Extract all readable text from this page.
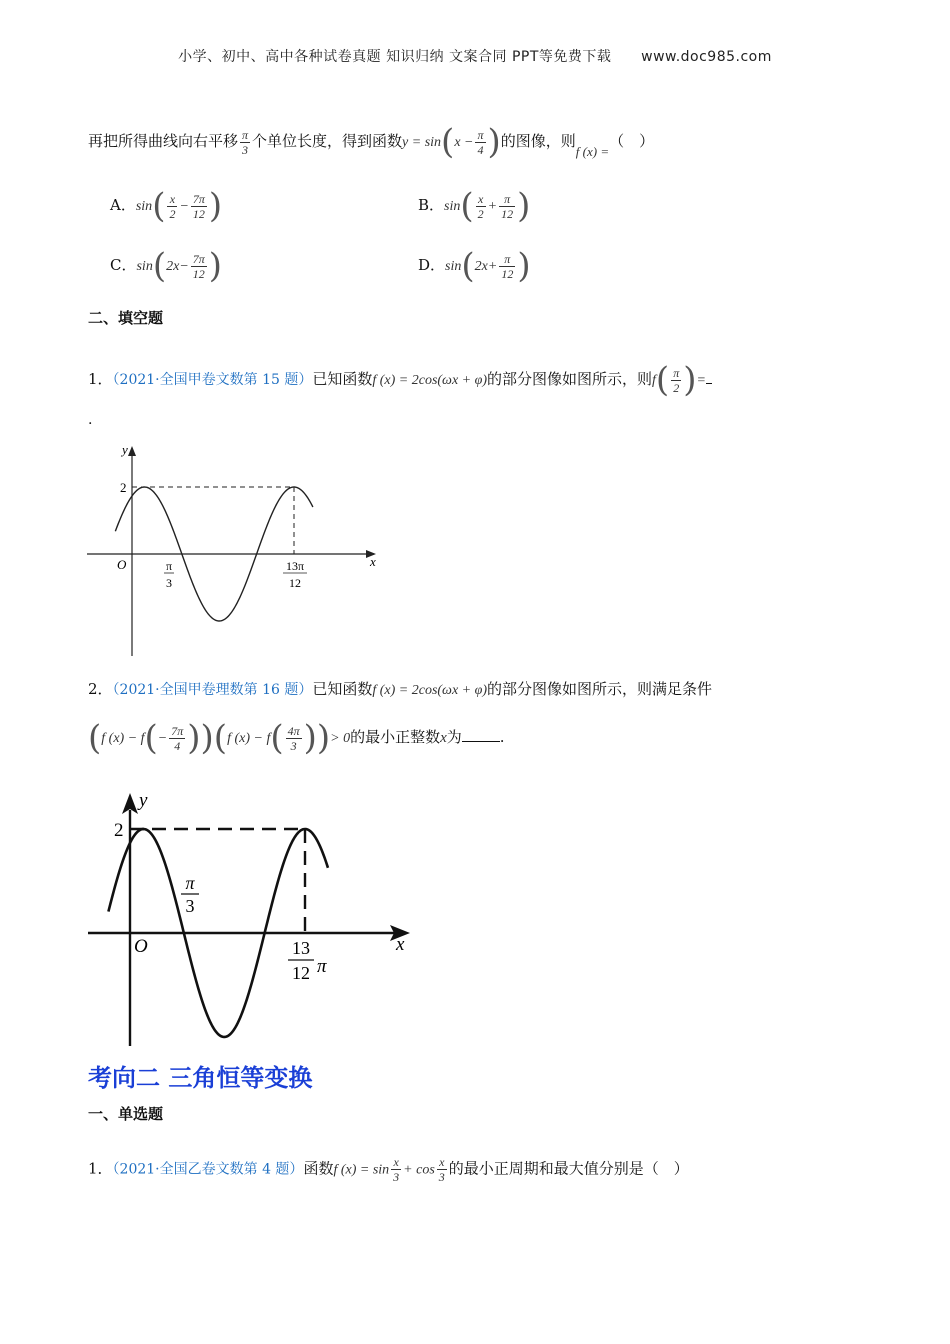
小学、初中、高中各种试卷真题 知识归纳 文案合同 PPT等免费下载 www.doc985.com
再把所得曲线向右平移 $\frac{\pi}{3}$ 个单位长度，得到函数$y = \sin(x - \frac{\pi}{4}$ )的图像，则f (x) =（　）
A．$\sin( \frac{x}{2} - \frac{7\pi}{12}$ )	B．$\sin( \frac{x}{2} + \frac{\pi}{12}$ )
C．$\sin(2x- \frac{7\pi}{12}$ )	D．$\sin(2x+ \frac{\pi}{12}$ )
二、填空题
1．（2021·全国甲卷文数第 15 题）已知函数f (x) = 2cos(ωx + φ)的部分图像如图所示，则$f( \frac{\pi}{2}$ )=
.
y
x
O
2
π
3
13π
12
2．（2021·全国甲卷理数第 16 题）已知函数f (x) = 2cos(ωx + φ)的部分图像如图所示，则满足条件
(f $(x) - f(- \frac{7\pi}{4} ))(f$ $(x) - f( \frac{4\pi}{3}$ ))> 0的最小正整数x为	.
y
x
O
2
π
3
13
12 π
考向二 三角恒等变换
一、单选题
1．（2021·全国乙卷文数第 4 题）函数f $(x) = \sin \frac{x}{3} + \cos \frac{x}{3}$ 的最小正周期和最大值分别是（　）
